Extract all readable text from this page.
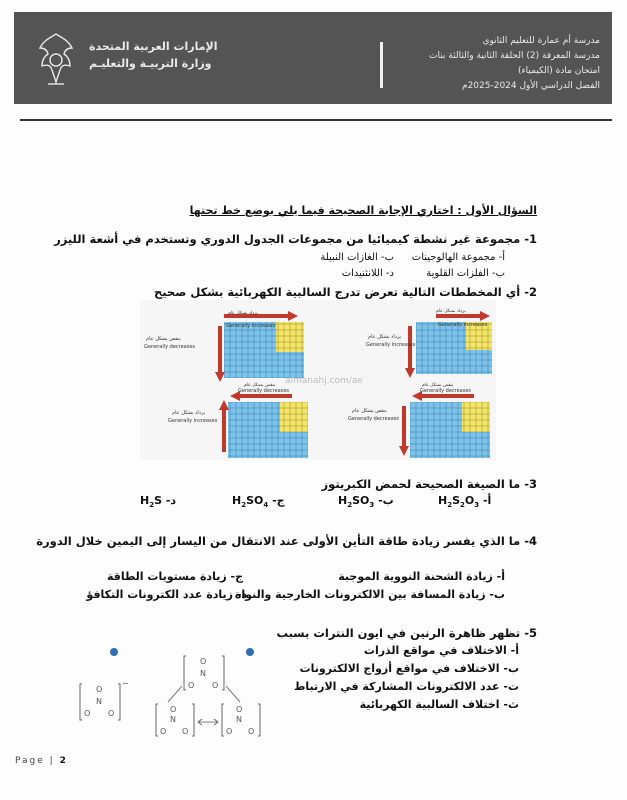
الإمارات العربية المتحدة
وزارة التربيـة والتعليـم
مدرسة أم عمارة للتعليم الثانوي
مدرسة المعرفة (2) الحلقة الثانية والثالثة بنات
امتحان مادة (الكيمياء)
الفصل الدراسي الأول 2024-2025م
السؤال الأول : اختاري الإجابة الصحيحة فيما يلي بوضع خط تحتها
1- مجموعة غير نشطة كيميائيا من مجموعات الجدول الدوري وتستخدم في أشعة الليزر
أ- مجموعة الهالوجينات
ب- الغازات النبيلة
ب- الفلزات القلوية
د- اللانثنيدات
2- أي المخططات التالية تعرض تدرج السالبية الكهربائية بشكل صحيح
يزداد بشكل عام
Generally increases
ينقص بشكل عام
Generally decreases
يزداد بشكل عام
Generally increases
يزداد بشكل عام
Generally increases
ينقص بشكل عام
Generally decreases
يزداد بشكل عام
Generally increases
ينقص بشكل عام
Generally decreases
ينقص بشكل عام
Generally decreases
almanahj.com/ae
3- ما الصيغة الصحيحة لحمض الكبريتوز
$H_2S_2O_3$ -أ
$H_2SO_3$ -ب
$H_2SO_4$ -ج
$H_2S$ -د
4- ما الذي يفسر زيادة طاقة التأين الأولى عند الانتقال من اليسار إلى اليمين خلال الدورة
أ- زيادة الشحنة النووية الموجبة
ب- زيادة المسافة بين الالكترونات الخارجية والنواة
ج- زيادة مستويات الطاقة
د- زيادة عدد الكترونات التكافؤ
5- تظهر ظاهرة الرنين في ايون النترات بسبب
أ- الاختلاف في مواقع الذرات
ب- الاختلاف في مواقع أزواج الالكترونات
ت- عدد الالكترونات المشاركة في الارتباط
ث- اختلاف السالبية الكهربائية
O
N
O O
−
O
N
O O
O
N
O O
O
N
O O
Page | 2
